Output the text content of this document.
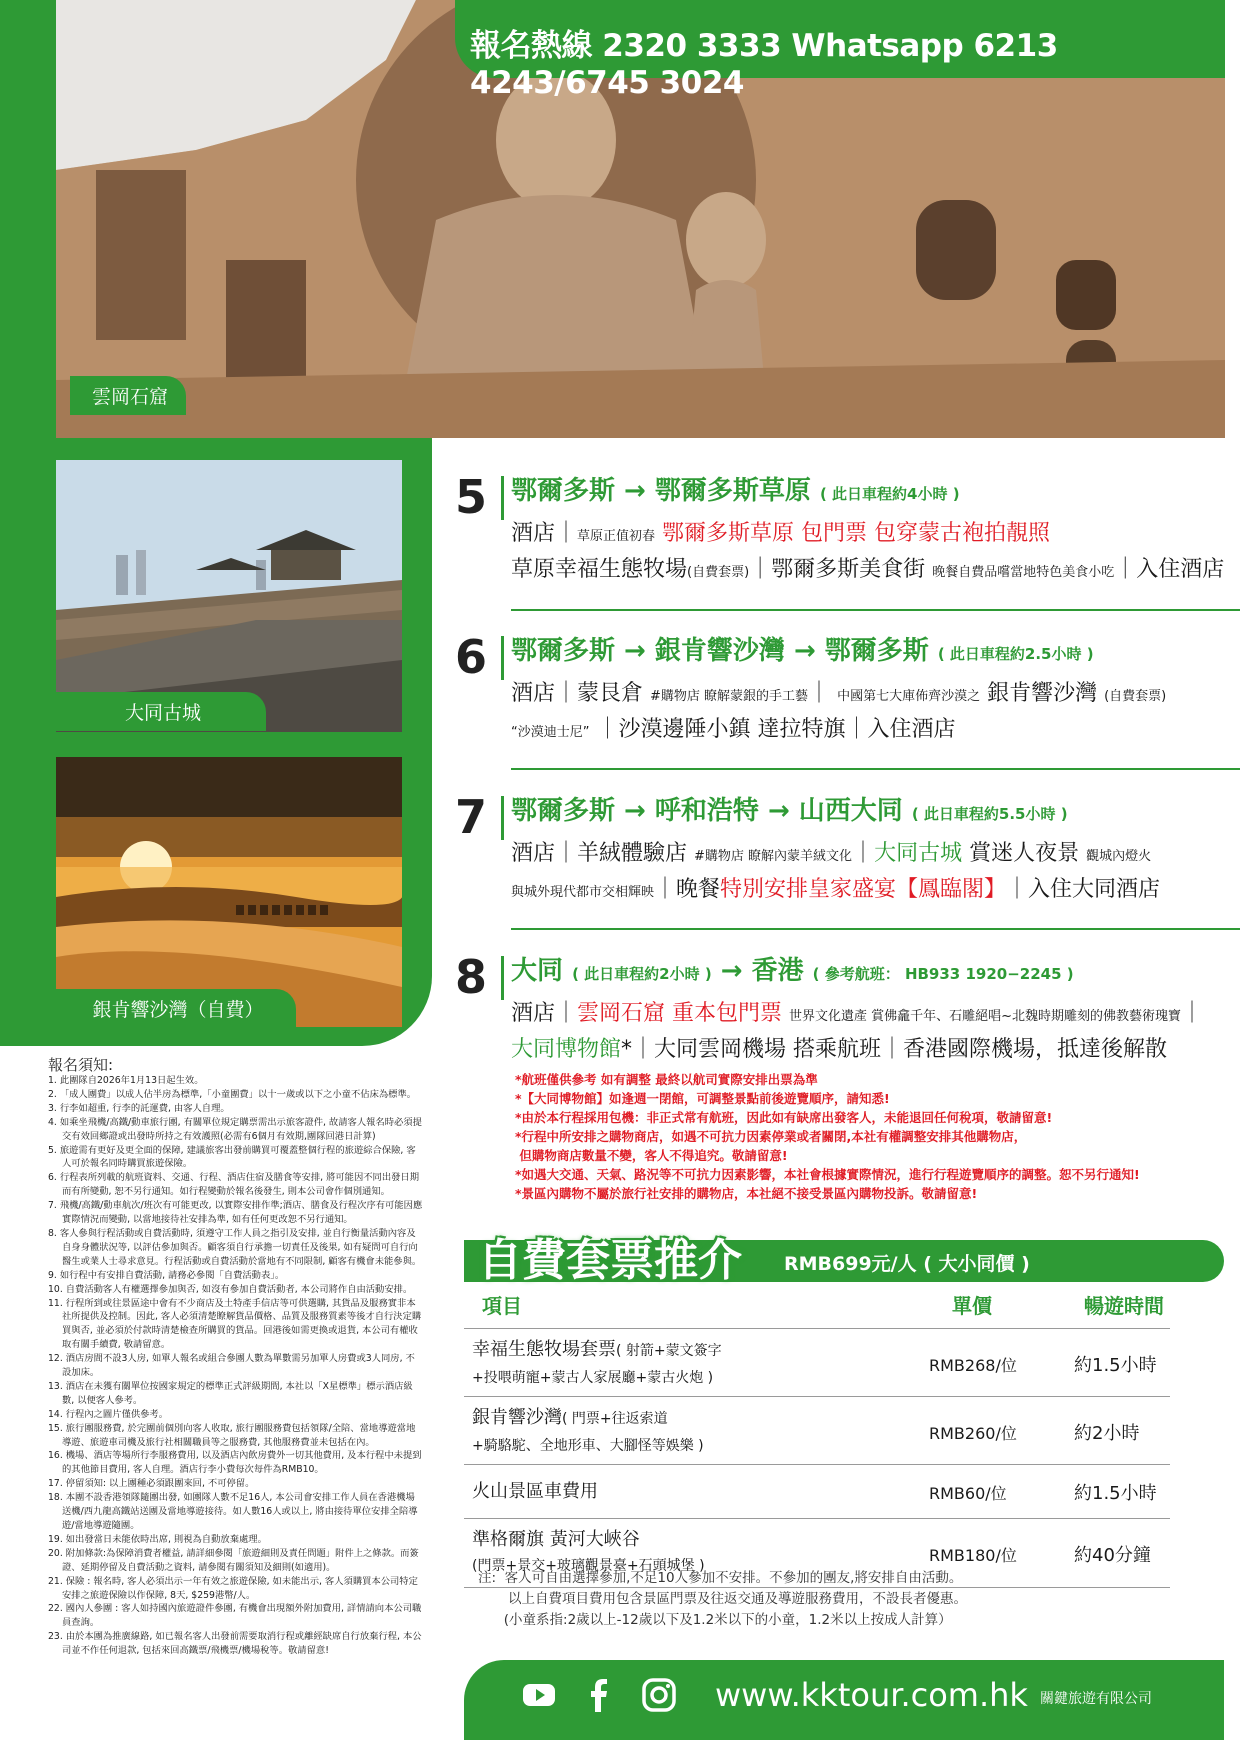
雲岡石窟
報名熱線 2320 3333 Whatsapp 6213 4243/6745 3024
大同古城
銀肯響沙灣（自費）
5 鄂爾多斯 → 鄂爾多斯草原 ( 此日車程約4小時 )
酒店｜草原正值初春 鄂爾多斯草原 包門票 包穿蒙古袍拍靚照
草原幸福生態牧場(自費套票)｜鄂爾多斯美食街 晚餐自費品嚐當地特色美食小吃｜入住酒店
6 鄂爾多斯 → 銀肯響沙灣 → 鄂爾多斯 ( 此日車程約2.5小時 )
酒店｜蒙艮倉 #購物店 瞭解蒙銀的手工藝｜ 中國第七大庫佈齊沙漠之 銀肯響沙灣 (自費套票)
“沙漠迪士尼” ｜沙漠邊陲小鎮 達拉特旗｜入住酒店
7 鄂爾多斯 → 呼和浩特 → 山西大同 ( 此日車程約5.5小時 )
酒店｜羊絨體驗店 #購物店 瞭解內蒙羊絨文化｜大同古城 賞迷人夜景 觀城內燈火
與城外現代都市交相輝映｜晚餐特別安排皇家盛宴【鳳臨閣】｜入住大同酒店
8 大同 ( 此日車程約2小時 ) → 香港 ( 參考航班： HB933 1920−2245 )
酒店｜雲岡石窟 重本包門票 世界文化遺產 賞佛龕千年、石雕絕唱~北魏時期雕刻的佛教藝術瑰寶｜
大同博物館*｜大同雲岡機場 搭乘航班｜香港國際機場，抵達後解散
*航班僅供參考 如有調整 最終以航司實際安排出票為準
*【大同博物館】如逢週一閉館，可調整景點前後遊覽順序，請知悉!
*由於本行程採用包機：非正式常有航班，因此如有缺席出發客人，未能退回任何稅項，敬請留意!
*行程中所安排之購物商店，如遇不可抗力因素停業或者關閉,本社有權調整安排其他購物店，
但購物商店數量不變，客人不得追究。敬請留意!
*如遇大交通、天氣、路況等不可抗力因素影響，本社會根據實際情況，進行行程遊覽順序的調整。恕不另行通知!
*景區內購物不屬於旅行社安排的購物店，本社絕不接受景區內購物投訴。敬請留意!
自費套票推介 RMB699元/人 ( 大小同價 )
項目	單價	暢遊時間
幸福生態牧場套票( 射箭+蒙文簽字
+投喂萌寵+蒙古人家展廳+蒙古火炮 )
RMB268/位	約1.5小時
銀肯響沙灣( 門票+往返索道
+騎駱駝、全地形車、大腳怪等娛樂 )
RMB260/位	約2小時
火山景區車費用	RMB60/位	約1.5小時
準格爾旗 黃河大峽谷
(門票+景交+玻璃觀景臺+石頭城堡 )
RMB180/位	約40分鐘
注:  客人可自由選擇參加,不足10人參加不安排。不參加的團友,將安排自由活動。
以上自費項目費用包含景區門票及往返交通及導遊服務費用，不設長者優惠。
(小童系指:2歲以上-12歲以下及1.2米以下的小童，1.2米以上按成人計算）
報名須知:
1. 此團隊自2026年1月13日起生效。
2. 「成人團費」以成人佔半房為標準,「小童團費」以十一歲或以下之小童不佔床為標準。
3. 行李如超重, 行李的託運費, 由客人自理。
4. 如乘坐飛機/高鐵/動車旅行團, 有關單位規定購票需出示旅客證件, 故請客人報名時必須提交有效回鄉證或出發時所持之有效護照(必需有6個月有效期,團隊回港日計算)
5. 旅遊需有更好及更全面的保障, 建議旅客出發前購買可覆蓋整個行程的旅遊綜合保險, 客人可於報名同時購買旅遊保險。
6. 行程表所列載的航班資料、交通、行程、酒店住宿及膳食等安排, 將可能因不同出發日期而有所變動, 恕不另行通知。如行程變動於報名後發生, 則本公司會作個別通知。
7. 飛機/高鐵/動車航次/班次有可能更改, 以實際安排作準;酒店、膳食及行程次序有可能因應實際情況而變動, 以當地接待社安排為準, 如有任何更改恕不另行通知。
8. 客人參與行程活動或自費活動時, 須遵守工作人員之指引及安排, 並自行衡量活動內容及自身身體狀況等, 以評估參加與否。顧客須自行承擔一切責任及後果, 如有疑問可自行向醫生或業人士尋求意見。行程活動或自費活動於當地有不同限制, 顧客有機會未能參與。
9. 如行程中有安排自費活動, 請務必參閱「自費活動表」。
10. 自費活動客人有權選擇參加與否, 如沒有參加自費活動者, 本公司將作自由活動安排。
11. 行程所到或往景區途中會有不少商店及土特產手信店等可供選購, 其貨品及服務實非本社所提供及控制。因此, 客人必須清楚瞭解貨品價格、品質及服務質素等後才自行決定購買與否, 並必須於付款時清楚檢查所購買的貨品。回港後如需更換或退貨, 本公司有權收取有關手續費, 敬請留意。
12. 酒店房間不設3人房, 如單人報名或組合參團人數為單數需另加單人房費或3人同房, 不設加床。
13. 酒店在未獲有關單位按國家規定的標準正式評級期間, 本社以「X星標準」標示酒店級數, 以便客人參考。
14. 行程內之圖片僅供參考。
15. 旅行團服務費, 於完團前個別向客人收取, 旅行團服務費包括領隊/全陪、當地導遊當地導遊、旅遊車司機及旅行社相關職員等之服務費, 其他服務費並未包括在內。
16. 機場、酒店等場所行李服務費用, 以及酒店內飲房費外一切其他費用, 及本行程中未提到的其他節目費用, 客人自理。酒店行李小費每次每件為RMB10。
17. 停留須知: 以上團種必須跟團來回, 不可停留。
18. 本團不設香港領隊隨團出發, 如團隊人數不足16人, 本公司會安排工作人員在香港機場送機/西九龍高鐵站送團及當地導遊接待。如人數16人或以上, 將由接待單位安排全陪導遊/當地導遊隨團。
19. 如出發當日未能依時出席, 則視為自動放棄處理。
20. 附加條款:為保障消費者權益, 請詳細參閱「旅遊細則及責任問題」附件上之條款。而簽證、延期停留及自費活動之資料, 請參閱有關須知及細則(如適用)。
21. 保險 : 報名時, 客人必須出示一年有效之旅遊保險, 如未能出示, 客人須購買本公司特定安排之旅遊保險以作保障, 8天, $259港幣/人。
22. 國內人參團 : 客人如持國內旅遊證件參團, 有機會出現額外附加費用, 詳情請向本公司職員查詢。
23. 由於本團為推廣線路, 如已報名客人出發前需要取消行程或離經缺席自行放棄行程, 本公司並不作任何退款, 包括來回高鐵票/飛機票/機場稅等。敬請留意!
www.kktour.com.hk 關鍵旅遊有限公司
